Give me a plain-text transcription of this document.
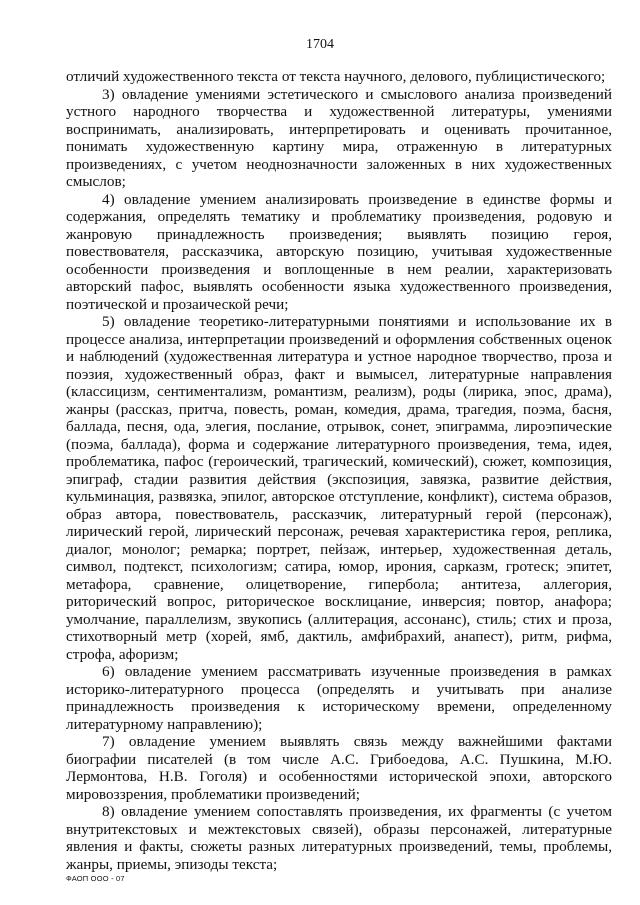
1704

отличий художественного текста от текста научного, делового, публицистического;

3) овладение умениями эстетического и смыслового анализа произведений устного народного творчества и художественной литературы, умениями воспринимать, анализировать, интерпретировать и оценивать прочитанное, понимать художественную картину мира, отраженную в литературных произведениях, с учетом неоднозначности заложенных в них художественных смыслов;

4) овладение умением анализировать произведение в единстве формы и содержания, определять тематику и проблематику произведения, родовую и жанровую принадлежность произведения; выявлять позицию героя, повествователя, рассказчика, авторскую позицию, учитывая художественные особенности произведения и воплощенные в нем реалии, характеризовать авторский пафос, выявлять особенности языка художественного произведения, поэтической и прозаической речи;

5) овладение теоретико-литературными понятиями и использование их в процессе анализа, интерпретации произведений и оформления собственных оценок и наблюдений (художественная литература и устное народное творчество, проза и поэзия, художественный образ, факт и вымысел, литературные направления (классицизм, сентиментализм, романтизм, реализм), роды (лирика, эпос, драма), жанры (рассказ, притча, повесть, роман, комедия, драма, трагедия, поэма, басня, баллада, песня, ода, элегия, послание, отрывок, сонет, эпиграмма, лироэпические (поэма, баллада), форма и содержание литературного произведения, тема, идея, проблематика, пафос (героический, трагический, комический), сюжет, композиция, эпиграф, стадии развития действия (экспозиция, завязка, развитие действия, кульминация, развязка, эпилог, авторское отступление, конфликт), система образов, образ автора, повествователь, рассказчик, литературный герой (персонаж), лирический герой, лирический персонаж, речевая характеристика героя, реплика, диалог, монолог; ремарка; портрет, пейзаж, интерьер, художественная деталь, символ, подтекст, психологизм; сатира, юмор, ирония, сарказм, гротеск; эпитет, метафора, сравнение, олицетворение, гипербола; антитеза, аллегория, риторический вопрос, риторическое восклицание, инверсия; повтор, анафора; умолчание, параллелизм, звукопись (аллитерация, ассонанс), стиль; стих и проза, стихотворный метр (хорей, ямб, дактиль, амфибрахий, анапест), ритм, рифма, строфа, афоризм;

6) овладение умением рассматривать изученные произведения в рамках историко-литературного процесса (определять и учитывать при анализе принадлежность произведения к историческому времени, определенному литературному направлению);

7) овладение умением выявлять связь между важнейшими фактами биографии писателей (в том числе А.С. Грибоедова, А.С. Пушкина, М.Ю. Лермонтова, Н.В. Гоголя) и особенностями исторической эпохи, авторского мировоззрения, проблематики произведений;

8) овладение умением сопоставлять произведения, их фрагменты (с учетом внутритекстовых и межтекстовых связей), образы персонажей, литературные явления и факты, сюжеты разных литературных произведений, темы, проблемы, жанры, приемы, эпизоды текста;

ФАОП ООО - 07
